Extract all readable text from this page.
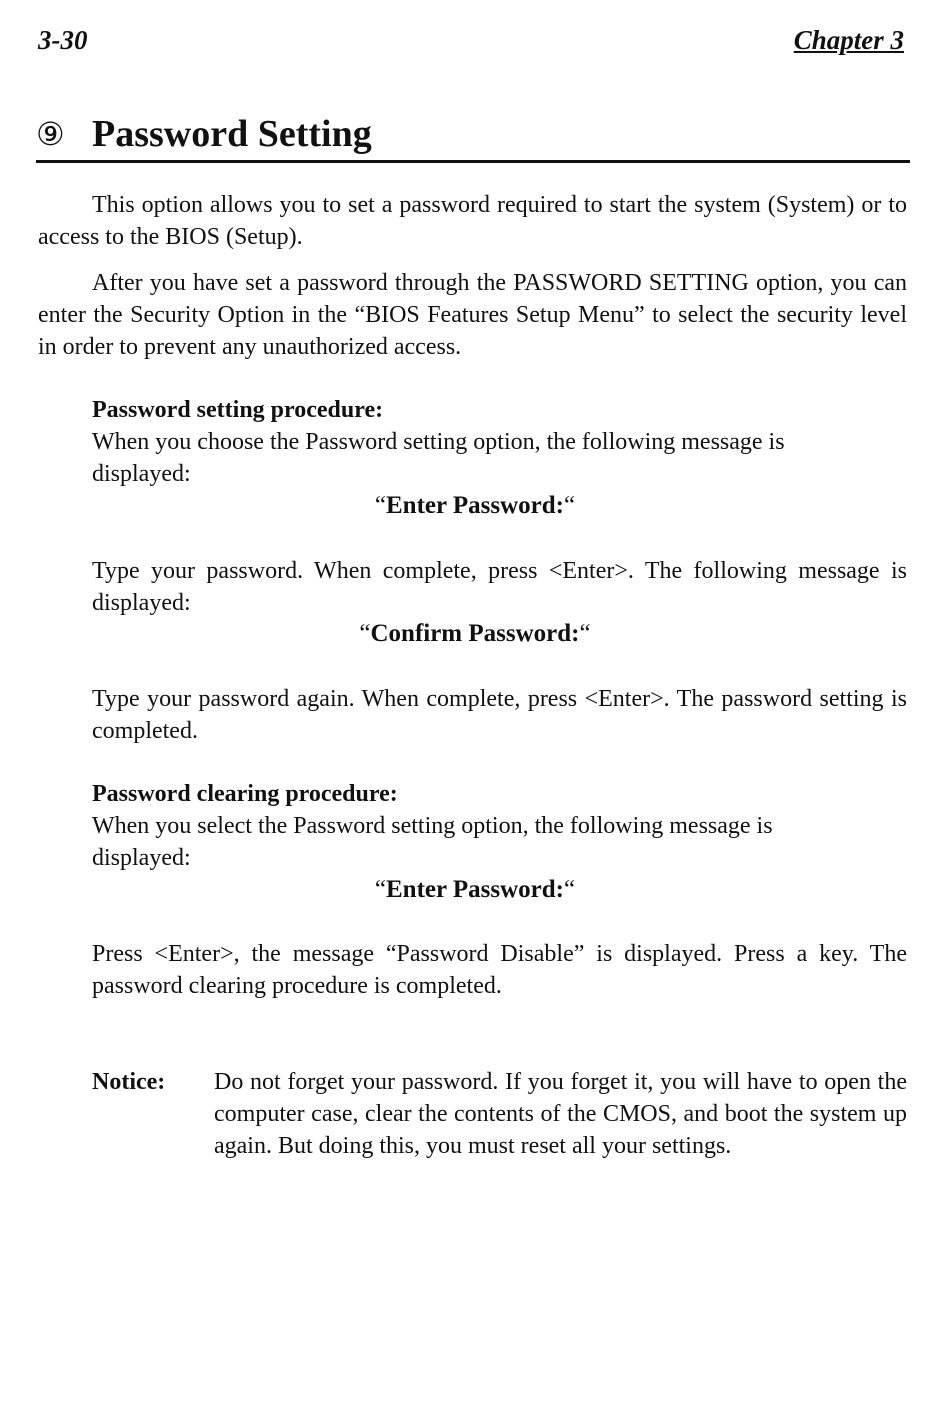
3-30	Chapter 3
⑨ Password Setting

This option allows you to set a password required to start the system (System) or to access to the BIOS (Setup).

After you have set a password through the PASSWORD SETTING option, you can enter the Security Option in the “BIOS Features Setup Menu” to select the security level in order to prevent any unauthorized access.

Password setting procedure:

When you choose the Password setting option, the following message is displayed:

“Enter Password:“

Type your password. When complete, press <Enter>. The following message is displayed:

“Confirm Password:“

Type your password again. When complete, press <Enter>. The password setting is completed.

Password clearing procedure:

When you select the Password setting option, the following message is displayed:

“Enter Password:“

Press <Enter>, the message “Password Disable” is displayed. Press a key. The password clearing procedure is completed.

Notice: Do not forget your password. If you forget it, you will have to open the computer case, clear the contents of the CMOS, and boot the system up again. But doing this, you must reset all your settings.
